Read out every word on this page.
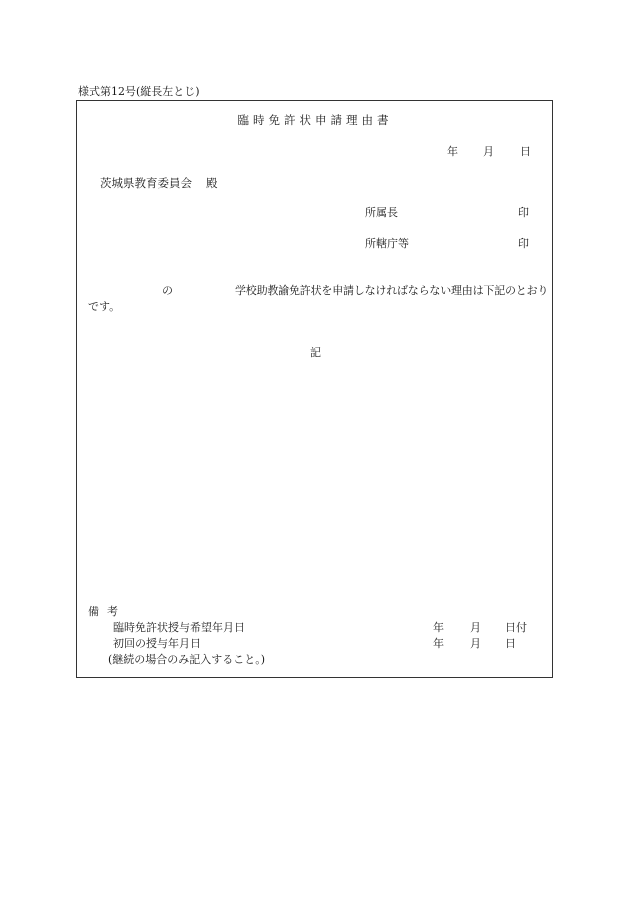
様式第12号(縦長左とじ)
臨時免許状申請理由書
年 月 日
茨城県教育委員会 殿
所属長	印
所轄庁等	印
の	学校助教諭免許状を申請しなければならない理由は下記のとおり
です。
記
備考
臨時免許状授与希望年月日	年 月 日付
初回の授与年月日	年 月 日
(継続の場合のみ記入すること。)
